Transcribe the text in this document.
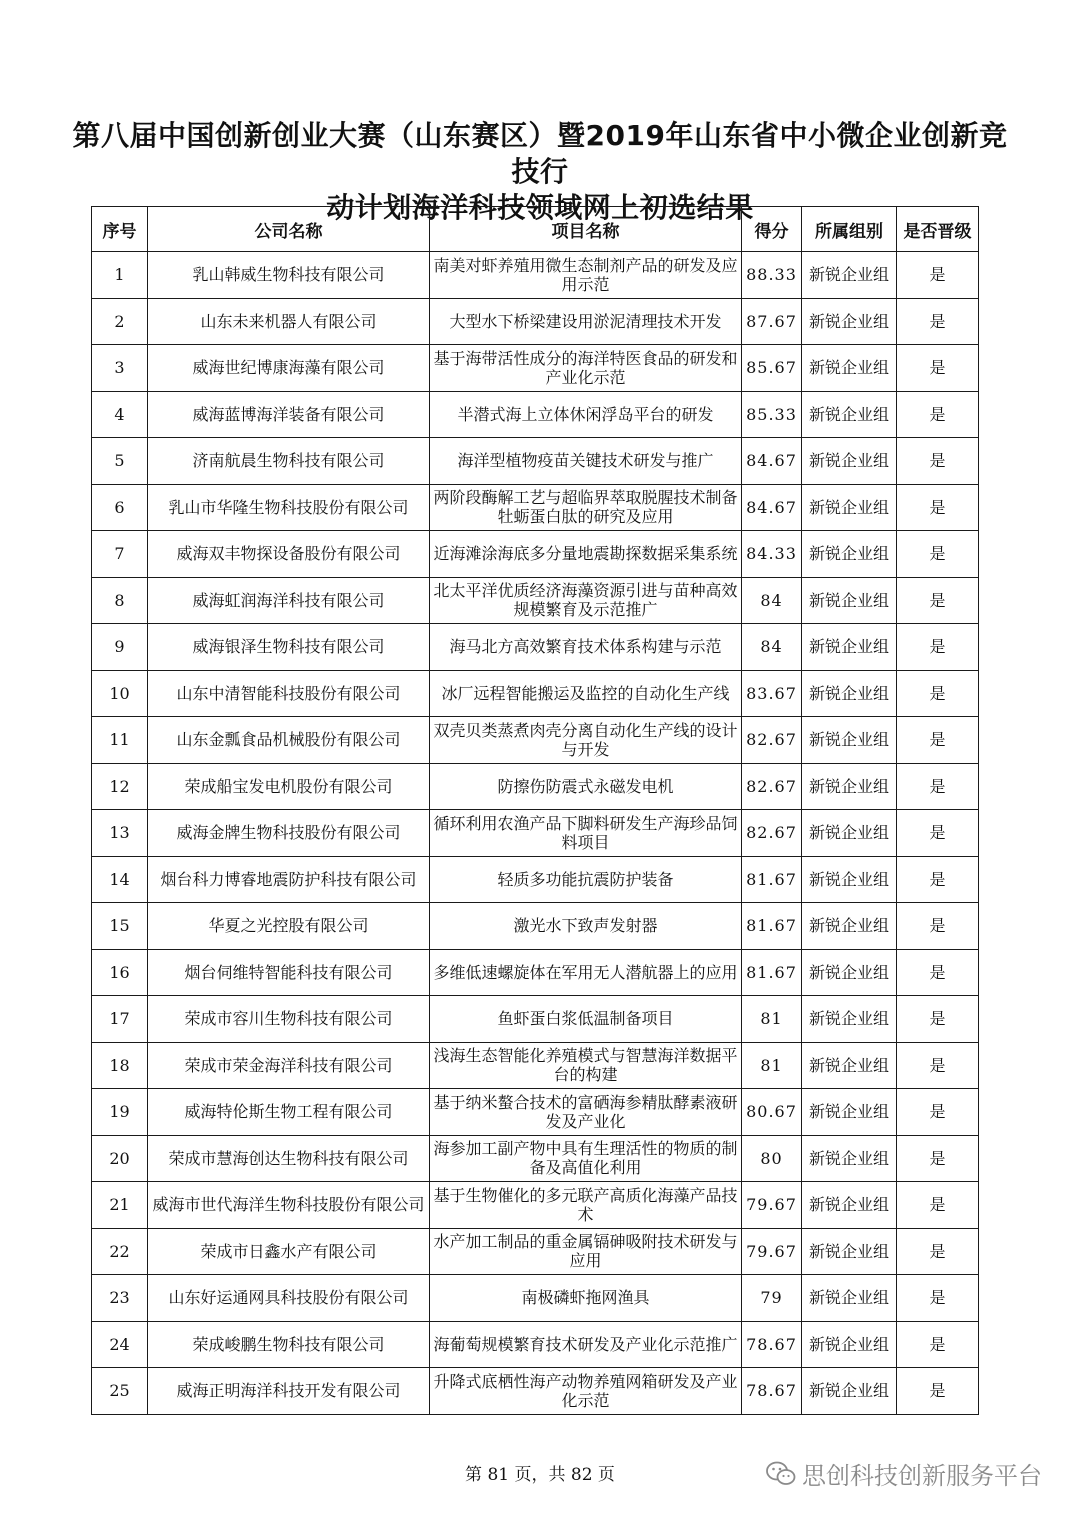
第八届中国创新创业大赛（山东赛区）暨2019年山东省中小微企业创新竞技行
动计划海洋科技领域网上初选结果
序号	公司名称	项目名称	得分	所属组别	是否晋级
1	乳山韩威生物科技有限公司	南美对虾养殖用微生态制剂产品的研发及应用示范	88.33	新锐企业组	是
2	山东未来机器人有限公司	大型水下桥梁建设用淤泥清理技术开发	87.67	新锐企业组	是
3	威海世纪博康海藻有限公司	基于海带活性成分的海洋特医食品的研发和产业化示范	85.67	新锐企业组	是
4	威海蓝博海洋装备有限公司	半潜式海上立体休闲浮岛平台的研发	85.33	新锐企业组	是
5	济南航晨生物科技有限公司	海洋型植物疫苗关键技术研发与推广	84.67	新锐企业组	是
6	乳山市华隆生物科技股份有限公司	两阶段酶解工艺与超临界萃取脱腥技术制备牡蛎蛋白肽的研究及应用	84.67	新锐企业组	是
7	威海双丰物探设备股份有限公司	近海滩涂海底多分量地震勘探数据采集系统	84.33	新锐企业组	是
8	威海虹润海洋科技有限公司	北太平洋优质经济海藻资源引进与苗种高效规模繁育及示范推广	84	新锐企业组	是
9	威海银泽生物科技有限公司	海马北方高效繁育技术体系构建与示范	84	新锐企业组	是
10	山东中清智能科技股份有限公司	冰厂远程智能搬运及监控的自动化生产线	83.67	新锐企业组	是
11	山东金瓢食品机械股份有限公司	双壳贝类蒸煮肉壳分离自动化生产线的设计与开发	82.67	新锐企业组	是
12	荣成船宝发电机股份有限公司	防擦伤防震式永磁发电机	82.67	新锐企业组	是
13	威海金牌生物科技股份有限公司	循环利用农渔产品下脚料研发生产海珍品饲料项目	82.67	新锐企业组	是
14	烟台科力博睿地震防护科技有限公司	轻质多功能抗震防护装备	81.67	新锐企业组	是
15	华夏之光控股有限公司	激光水下致声发射器	81.67	新锐企业组	是
16	烟台伺维特智能科技有限公司	多维低速螺旋体在军用无人潜航器上的应用	81.67	新锐企业组	是
17	荣成市容川生物科技有限公司	鱼虾蛋白浆低温制备项目	81	新锐企业组	是
18	荣成市荣金海洋科技有限公司	浅海生态智能化养殖模式与智慧海洋数据平台的构建	81	新锐企业组	是
19	威海特伦斯生物工程有限公司	基于纳米螯合技术的富硒海参精肽酵素液研发及产业化	80.67	新锐企业组	是
20	荣成市慧海创达生物科技有限公司	海参加工副产物中具有生理活性的物质的制备及高值化利用	80	新锐企业组	是
21	威海市世代海洋生物科技股份有限公司	基于生物催化的多元联产高质化海藻产品技术	79.67	新锐企业组	是
22	荣成市日鑫水产有限公司	水产加工制品的重金属镉砷吸附技术研发与应用	79.67	新锐企业组	是
23	山东好运通网具科技股份有限公司	南极磷虾拖网渔具	79	新锐企业组	是
24	荣成峻鹏生物科技有限公司	海葡萄规模繁育技术研发及产业化示范推广	78.67	新锐企业组	是
25	威海正明海洋科技开发有限公司	升降式底栖性海产动物养殖网箱研发及产业化示范	78.67	新锐企业组	是
第 81 页，共 82 页	思创科技创新服务平台
